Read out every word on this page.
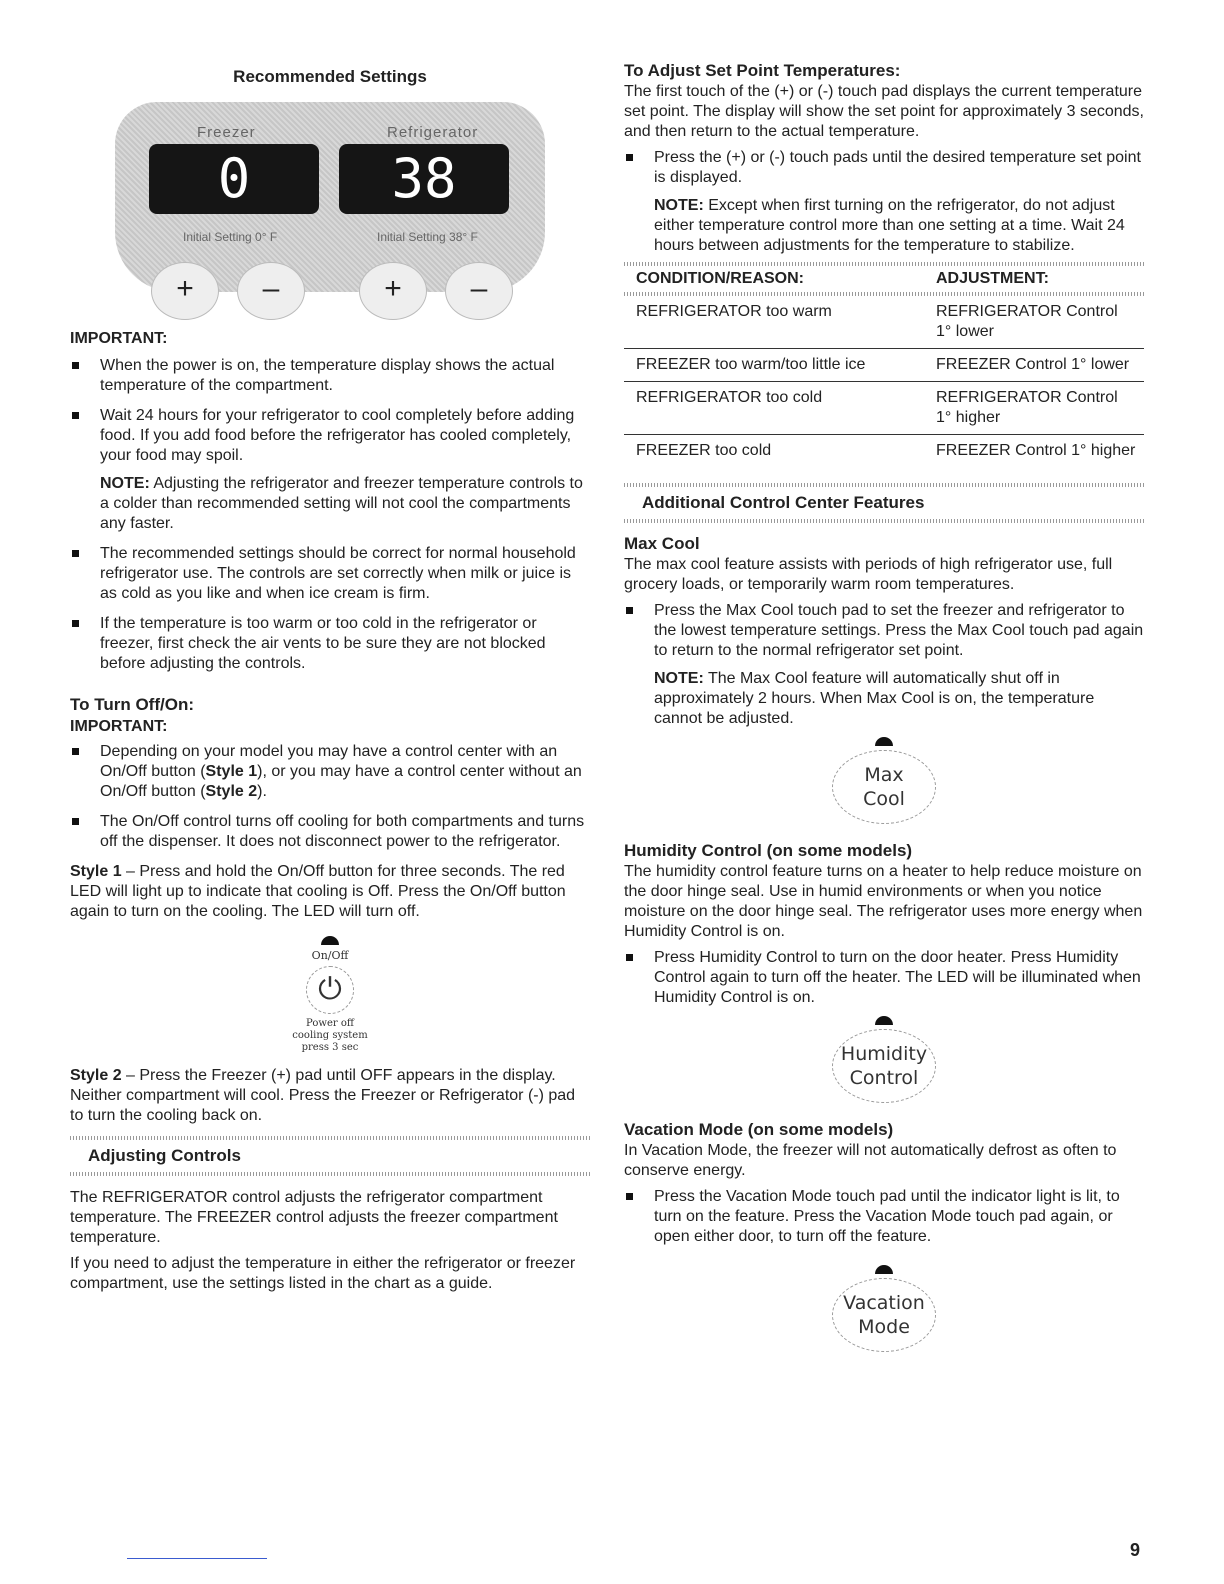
Recommended Settings

Freezer	Refrigerator
0	38
Initial Setting 0° F	Initial Setting 38° F
+	–	+	–

IMPORTANT:

When the power is on, the temperature display shows the actual temperature of the compartment.

Wait 24 hours for your refrigerator to cool completely before adding food. If you add food before the refrigerator has cooled completely, your food may spoil.

NOTE: Adjusting the refrigerator and freezer temperature controls to a colder than recommended setting will not cool the compartments any faster.

The recommended settings should be correct for normal household refrigerator use. The controls are set correctly when milk or juice is as cold as you like and when ice cream is firm.

If the temperature is too warm or too cold in the refrigerator or freezer, first check the air vents to be sure they are not blocked before adjusting the controls.

To Turn Off/On:

IMPORTANT:

Depending on your model you may have a control center with an On/Off button (Style 1), or you may have a control center without an On/Off button (Style 2).

The On/Off control turns off cooling for both compartments and turns off the dispenser. It does not disconnect power to the refrigerator.

Style 1 – Press and hold the On/Off button for three seconds. The red LED will light up to indicate that cooling is Off. Press the On/Off button again to turn on the cooling. The LED will turn off.

On/Off
⏻
Power off
cooling system
press 3 sec

Style 2 – Press the Freezer (+) pad until OFF appears in the display. Neither compartment will cool. Press the Freezer or Refrigerator (-) pad to turn the cooling back on.

Adjusting Controls

The REFRIGERATOR control adjusts the refrigerator compartment temperature. The FREEZER control adjusts the freezer compartment temperature.

If you need to adjust the temperature in either the refrigerator or freezer compartment, use the settings listed in the chart as a guide.

To Adjust Set Point Temperatures:

The first touch of the (+) or (-) touch pad displays the current temperature set point. The display will show the set point for approximately 3 seconds, and then return to the actual temperature.

Press the (+) or (-) touch pads until the desired temperature set point is displayed.

NOTE: Except when first turning on the refrigerator, do not adjust either temperature control more than one setting at a time. Wait 24 hours between adjustments for the temperature to stabilize.
CONDITION/REASON:	ADJUSTMENT:
REFRIGERATOR too warm	REFRIGERATOR Control 1° lower
FREEZER too warm/too little ice	FREEZER Control 1° lower
REFRIGERATOR too cold	REFRIGERATOR Control 1° higher
FREEZER too cold	FREEZER Control 1° higher
Additional Control Center Features

Max Cool

The max cool feature assists with periods of high refrigerator use, full grocery loads, or temporarily warm room temperatures.

Press the Max Cool touch pad to set the freezer and refrigerator to the lowest temperature settings. Press the Max Cool touch pad again to return to the normal refrigerator set point.

NOTE: The Max Cool feature will automatically shut off in approximately 2 hours. When Max Cool is on, the temperature cannot be adjusted.
Max
Cool

Humidity Control (on some models)

The humidity control feature turns on a heater to help reduce moisture on the door hinge seal. Use in humid environments or when you notice moisture on the door hinge seal. The refrigerator uses more energy when Humidity Control is on.

Press Humidity Control to turn on the door heater. Press Humidity Control again to turn off the heater. The LED will be illuminated when Humidity Control is on.

Humidity
Control

Vacation Mode (on some models)

In Vacation Mode, the freezer will not automatically defrost as often to conserve energy.

Press the Vacation Mode touch pad until the indicator light is lit, to turn on the feature. Press the Vacation Mode touch pad again, or open either door, to turn off the feature.

Vacation
Mode
9
